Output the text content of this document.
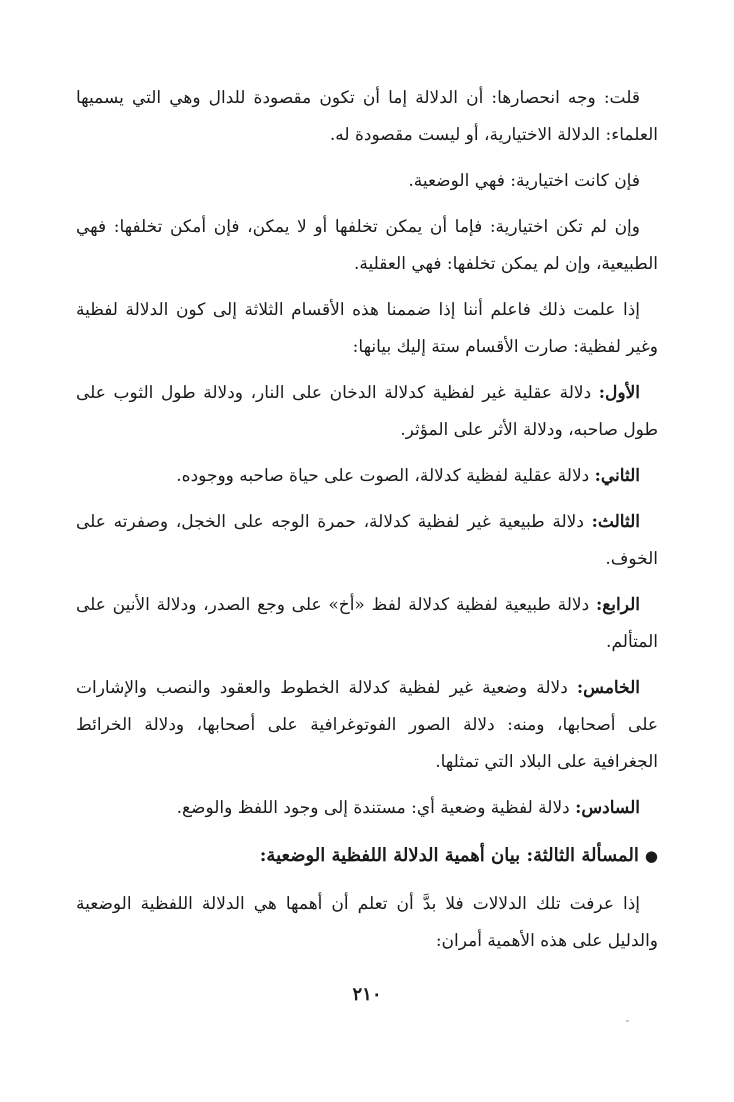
قلت: وجه انحصارها: أن الدلالة إما أن تكون مقصودة للدال وهي التي يسميها العلماء: الدلالة الاختيارية، أو ليست مقصودة له.

فإن كانت اختيارية: فهي الوضعية.

وإن لم تكن اختيارية: فإما أن يمكن تخلفها أو لا يمكن، فإن أمكن تخلفها: فهي الطبيعية، وإن لم يمكن تخلفها: فهي العقلية.

إذا علمت ذلك فاعلم أننا إذا ضممنا هذه الأقسام الثلاثة إلى كون الدلالة لفظية وغير لفظية: صارت الأقسام ستة إليك بيانها:

الأول: دلالة عقلية غير لفظية كدلالة الدخان على النار، ودلالة طول الثوب على طول صاحبه، ودلالة الأثر على المؤثر.

الثاني: دلالة عقلية لفظية كدلالة، الصوت على حياة صاحبه ووجوده.

الثالث: دلالة طبيعية غير لفظية كدلالة، حمرة الوجه على الخجل، وصفرته على الخوف.

الرابع: دلالة طبيعية لفظية كدلالة لفظ «أخ» على وجع الصدر، ودلالة الأنين على المتألم.

الخامس: دلالة وضعية غير لفظية كدلالة الخطوط والعقود والنصب والإشارات على أصحابها، ومنه: دلالة الصور الفوتوغرافية على أصحابها، ودلالة الخرائط الجغرافية على البلاد التي تمثلها.

السادس: دلالة لفظية وضعية أي: مستندة إلى وجود اللفظ والوضع.

●المسألة الثالثة: بيان أهمية الدلالة اللفظية الوضعية:

إذا عرفت تلك الدلالات فلا بدَّ أن تعلم أن أهمها هي الدلالة اللفظية الوضعية والدليل على هذه الأهمية أمران:

٢١٠
